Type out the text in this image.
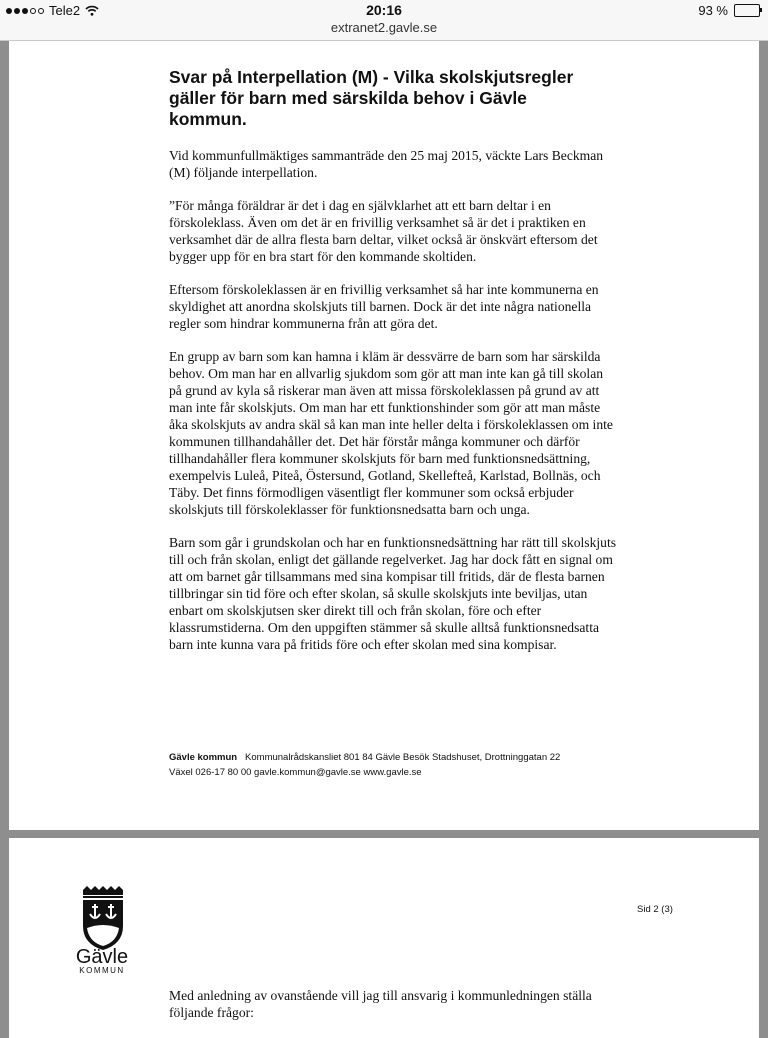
Tele2	20:16	93 %
extranet2.gavle.se
Svar på Interpellation (M) - Vilka skolskjutsregler gäller för barn med särskilda behov i Gävle kommun.

Vid kommunfullmäktiges sammanträde den 25 maj 2015, väckte Lars Beckman (M) följande interpellation.

”För många föräldrar är det i dag en självklarhet att ett barn deltar i en förskoleklass. Även om det är en frivillig verksamhet så är det i praktiken en verksamhet där de allra flesta barn deltar, vilket också är önskvärt eftersom det bygger upp för en bra start för den kommande skoltiden.

Eftersom förskoleklassen är en frivillig verksamhet så har inte kommunerna en skyldighet att anordna skolskjuts till barnen. Dock är det inte några nationella regler som hindrar kommunerna från att göra det.

En grupp av barn som kan hamna i kläm är dessvärre de barn som har särskilda behov. Om man har en allvarlig sjukdom som gör att man inte kan gå till skolan på grund av kyla så riskerar man även att missa förskoleklassen på grund av att man inte får skolskjuts. Om man har ett funktionshinder som gör att man måste åka skolskjuts av andra skäl så kan man inte heller delta i förskoleklassen om inte kommunen tillhandahåller det. Det här förstår många kommuner och därför tillhandahåller flera kommuner skolskjuts för barn med funktionsnedsättning, exempelvis Luleå, Piteå, Östersund, Gotland, Skellefteå, Karlstad, Bollnäs, och Täby. Det finns förmodligen väsentligt fler kommuner som också erbjuder skolskjuts till förskoleklasser för funktionsnedsatta barn och unga.

Barn som går i grundskolan och har en funktionsnedsättning har rätt till skolskjuts till och från skolan, enligt det gällande regelverket. Jag har dock fått en signal om att om barnet går tillsammans med sina kompisar till fritids, där de flesta barnen tillbringar sin tid före och efter skolan, så skulle skolskjuts inte beviljas, utan enbart om skolskjutsen sker direkt till och från skolan, före och efter klassrumstiderna. Om den uppgiften stämmer så skulle alltså funktionsnedsatta barn inte kunna vara på fritids före och efter skolan med sina kompisar.

Gävle kommun Kommunalrådskansliet 801 84 Gävle Besök Stadshuset, Drottninggatan 22
Växel 026-17 80 00 gavle.kommun@gavle.se www.gavle.se
Gävle
KOMMUN
Sid 2 (3)
Med anledning av ovanstående vill jag till ansvarig i kommunledningen ställa följande frågor:
